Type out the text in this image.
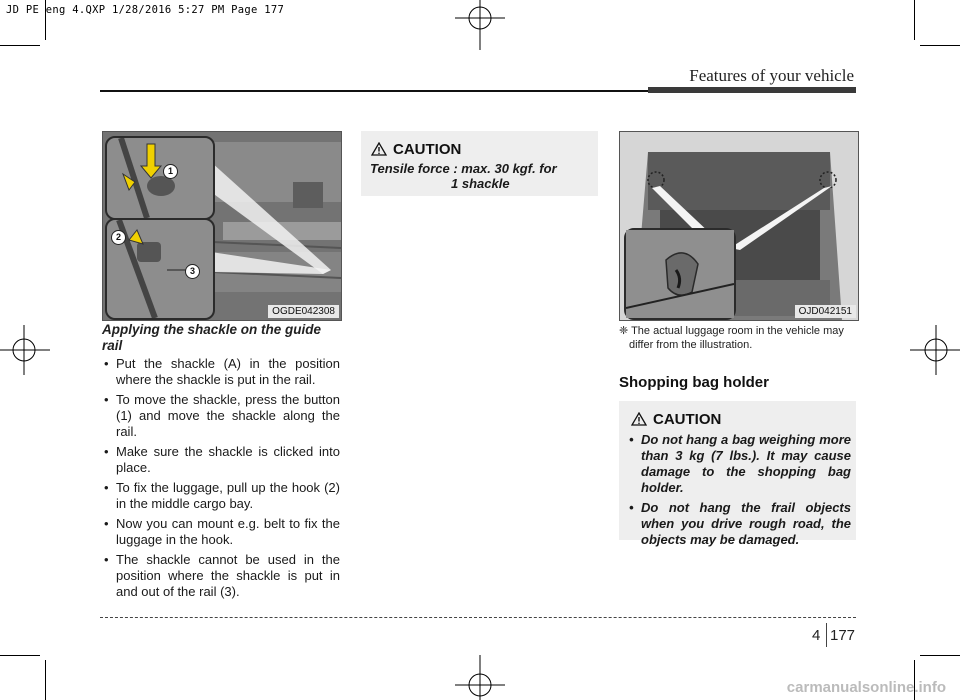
JD PE eng 4.QXP 1/28/2016 5:27 PM Page 177
Features of your vehicle
1
2
3
OGDE042308
Applying the shackle on the guide rail
• Put the shackle (A) in the position where the shackle is put in the rail.
• To move the shackle, press the button (1) and move the shackle along the rail.
• Make sure the shackle is clicked into place.
• To fix the luggage, pull up the hook (2) in the middle cargo bay.
• Now you can mount e.g. belt to fix the luggage in the hook.
• The shackle cannot be used in the position where the shackle is put in and out of the rail (3).
CAUTION
Tensile force : max. 30 kgf. for
1 shackle
OJD042151
❈ The actual luggage room in the vehicle may differ from the illustration.
Shopping bag holder
CAUTION
• Do not hang a bag weighing more than 3 kg (7 lbs.). It may cause damage to the shopping bag holder.
• Do not hang the frail objects when you drive rough road, the objects may be damaged.
4 177
carmanualsonline.info
